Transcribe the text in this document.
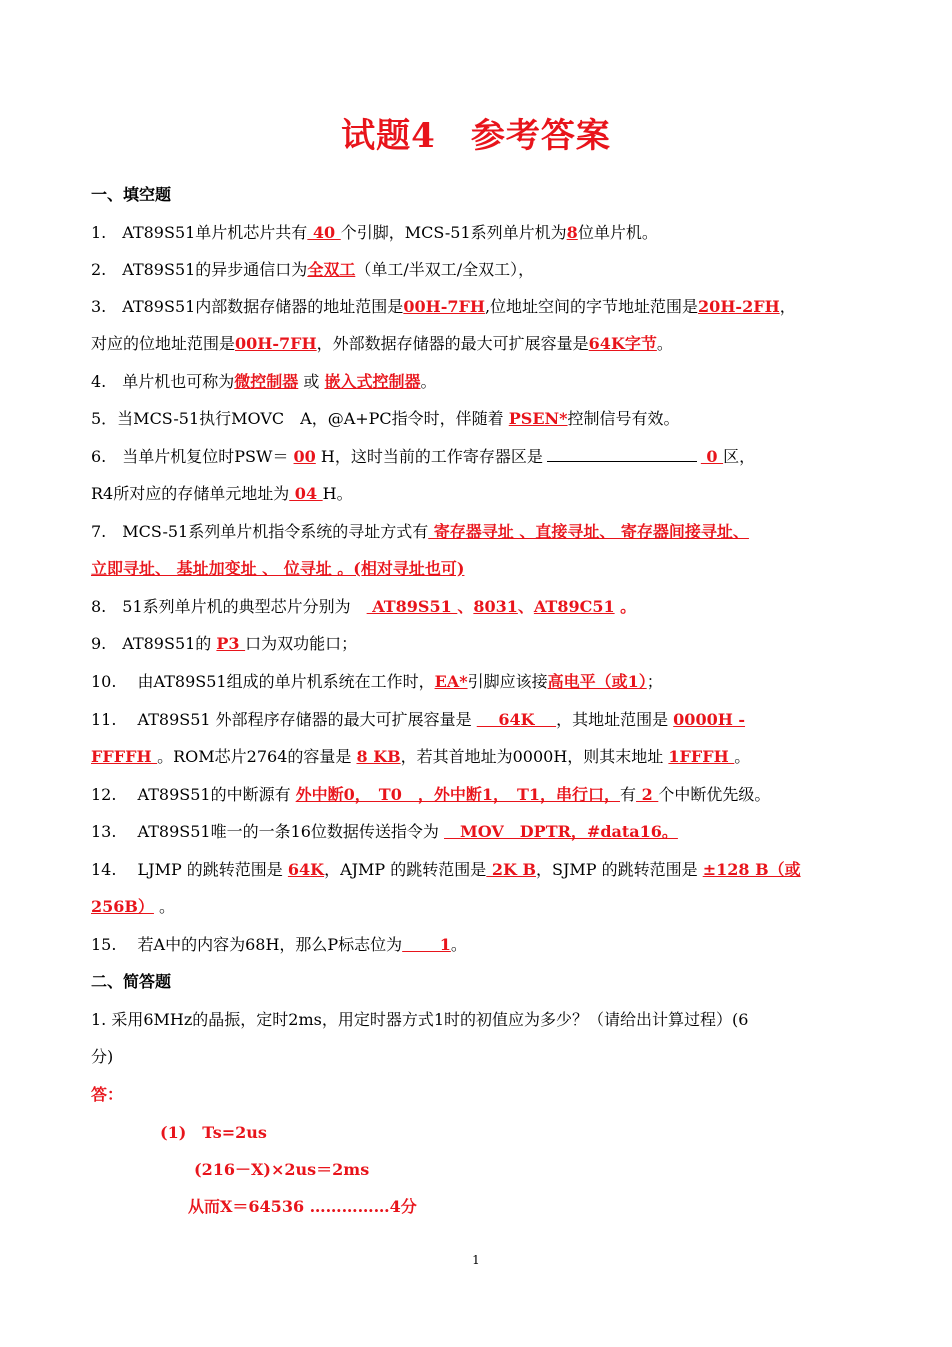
试题4　参考答案
一、填空题
1.　AT89S51单片机芯片共有 40 个引脚，MCS-51系列单片机为8位单片机。
2.　AT89S51的异步通信口为全双工（单工/半双工/全双工），
3.　AT89S51内部数据存储器的地址范围是00H-7FH,位地址空间的字节地址范围是20H-2FH，
对应的位地址范围是00H-7FH，外部数据存储器的最大可扩展容量是64K字节。
4.　单片机也可称为微控制器 或 嵌入式控制器。
5．当MCS-51执行MOVC　A，@A+PC指令时，伴随着 PSEN*控制信号有效。
6.　当单片机复位时PSW＝ 00 H，这时当前的工作寄存器区是	0 区，
R4所对应的存储单元地址为 04 H。
7.　MCS-51系列单片机指令系统的寻址方式有 寄存器寻址 、直接寻址、 寄存器间接寻址、
立即寻址、 基址加变址 、 位寻址 。(相对寻址也可)
8.　51系列单片机的典型芯片分别为　 AT89S51 、8031、AT89C51 。
9.　AT89S51的 P3 口为双功能口；
10.　 由AT89S51组成的单片机系统在工作时，EA*引脚应该接高电平（或1）；
11.　 AT89S51 外部程序存储器的最大可扩展容量是 　 64K　 ，其地址范围是 0000H -
FFFFH 。ROM芯片2764的容量是 8 KB，若其首地址为0000H，则其末地址 1FFFH 。
12.　 AT89S51的中断源有 外中断0，　T0　，外中断1，　T1，串行口，有 2 个中断优先级。
13.　 AT89S51唯一的一条16位数据传送指令为 　MOV　DPTR，#data16。
14.　 LJMP 的跳转范围是 64K，AJMP 的跳转范围是 2K B，SJMP 的跳转范围是 ±128 B（或
256B） 。
15.　 若A中的内容为68H，那么P标志位为　　 1。
二、简答题
1. 采用6MHz的晶振，定时2ms，用定时器方式1时的初值应为多少？（请给出计算过程）(6
分)
答：
(1)　Ts=2us
(216－X)×2us＝2ms
从而X＝64536 ……………4分
1
